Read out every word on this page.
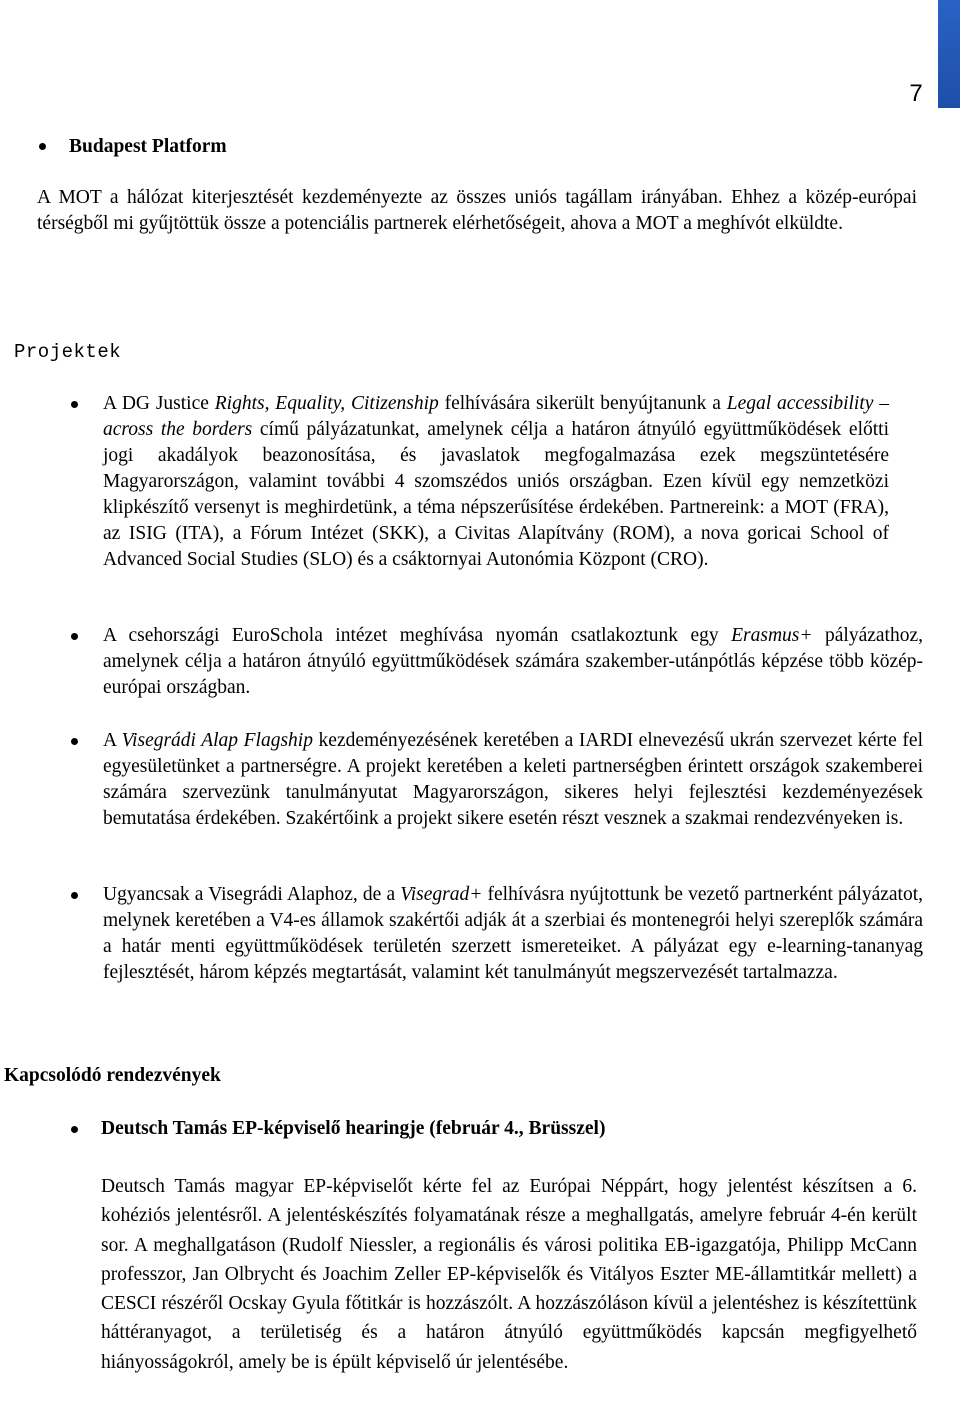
7
Budapest Platform
A MOT a hálózat kiterjesztését kezdeményezte az összes uniós tagállam irányában. Ehhez a közép-európai térségből mi gyűjtöttük össze a potenciális partnerek elérhetőségeit, ahova a MOT a meghívót elküldte.
Projektek
A DG Justice Rights, Equality, Citizenship felhívására sikerült benyújtanunk a Legal accessibility – across the borders című pályázatunkat, amelynek célja a határon átnyúló együttműködések előtti jogi akadályok beazonosítása, és javaslatok megfogalmazása ezek megszüntetésére Magyarországon, valamint további 4 szomszédos uniós országban. Ezen kívül egy nemzetközi klipkészítő versenyt is meghirdetünk, a téma népszerűsítése érdekében. Partnereink: a MOT (FRA), az ISIG (ITA), a Fórum Intézet (SKK), a Civitas Alapítvány (ROM), a nova goricai School of Advanced Social Studies (SLO) és a csáktornyai Autonómia Központ (CRO).
A csehországi EuroSchola intézet meghívása nyomán csatlakoztunk egy Erasmus+ pályázathoz, amelynek célja a határon átnyúló együttműködések számára szakember-utánpótlás képzése több közép-európai országban.
A Visegrádi Alap Flagship kezdeményezésének keretében a IARDI elnevezésű ukrán szervezet kérte fel egyesületünket a partnerségre. A projekt keretében a keleti partnerségben érintett országok szakemberei számára szervezünk tanulmányutat Magyarországon, sikeres helyi fejlesztési kezdeményezések bemutatása érdekében. Szakértőink a projekt sikere esetén részt vesznek a szakmai rendezvényeken is.
Ugyancsak a Visegrádi Alaphoz, de a Visegrad+ felhívásra nyújtottunk be vezető partnerként pályázatot, melynek keretében a V4-es államok szakértői adják át a szerbiai és montenegrói helyi szereplők számára a határ menti együttműködések területén szerzett ismereteiket. A pályázat egy e-learning-tananyag fejlesztését, három képzés megtartását, valamint két tanulmányút megszervezését tartalmazza.
Kapcsolódó rendezvények
Deutsch Tamás EP-képviselő hearingje (február 4., Brüsszel)
Deutsch Tamás magyar EP-képviselőt kérte fel az Európai Néppárt, hogy jelentést készítsen a 6. kohéziós jelentésről. A jelentéskészítés folyamatának része a meghallgatás, amelyre február 4-én került sor. A meghallgatáson (Rudolf Niessler, a regionális és városi politika EB-igazgatója, Philipp McCann professzor, Jan Olbrycht és Joachim Zeller EP-képviselők és Vitályos Eszter ME-államtitkár mellett) a CESCI részéről Ocskay Gyula főtitkár is hozzászólt. A hozzászóláson kívül a jelentéshez is készítettünk háttéranyagot, a területiség és a határon átnyúló együttműködés kapcsán megfigyelhető hiányosságokról, amely be is épült képviselő úr jelentésébe.
